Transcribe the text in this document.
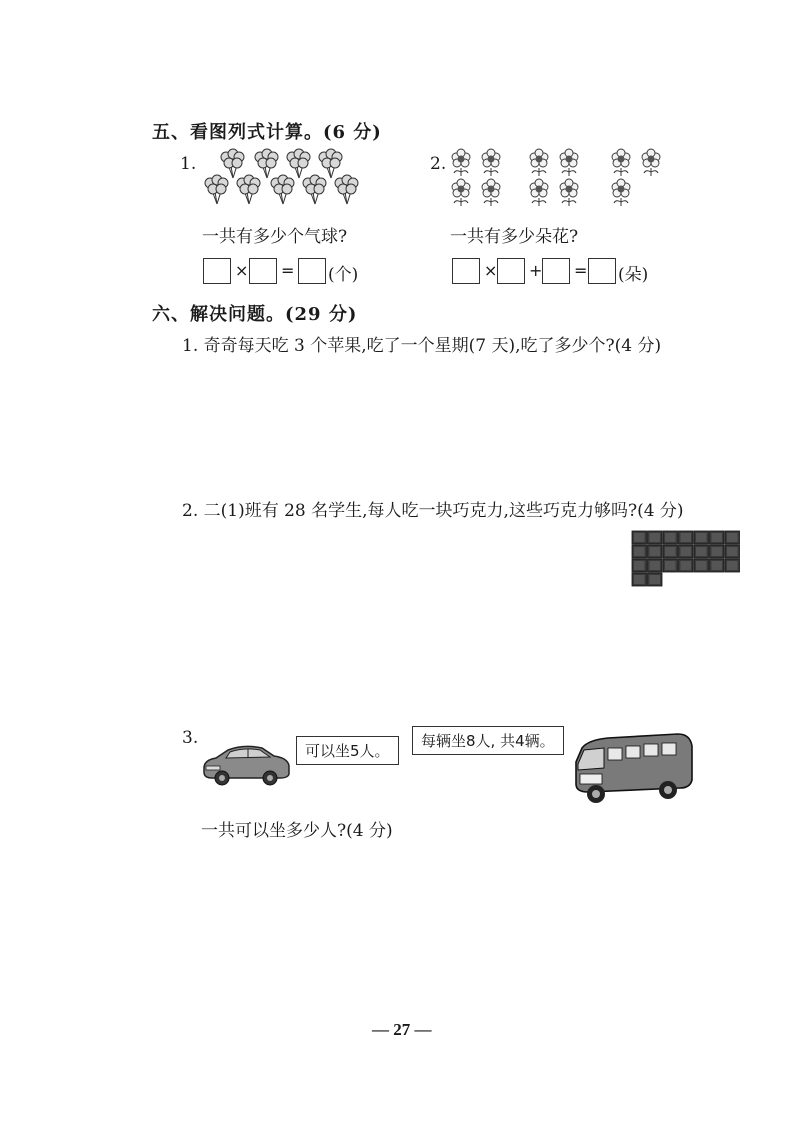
五、看图列式计算。(6 分)
1.
一共有多少个气球?
× = (个)
2.
一共有多少朵花?
× + = (朵)
六、解决问题。(29 分)
1. 奇奇每天吃 3 个苹果,吃了一个星期(7 天),吃了多少个?(4 分)
2. 二(1)班有 28 名学生,每人吃一块巧克力,这些巧克力够吗?(4 分)
3.
可以坐5人。
每辆坐8人, 共4辆。
一共可以坐多少人?(4 分)
— 27 —
